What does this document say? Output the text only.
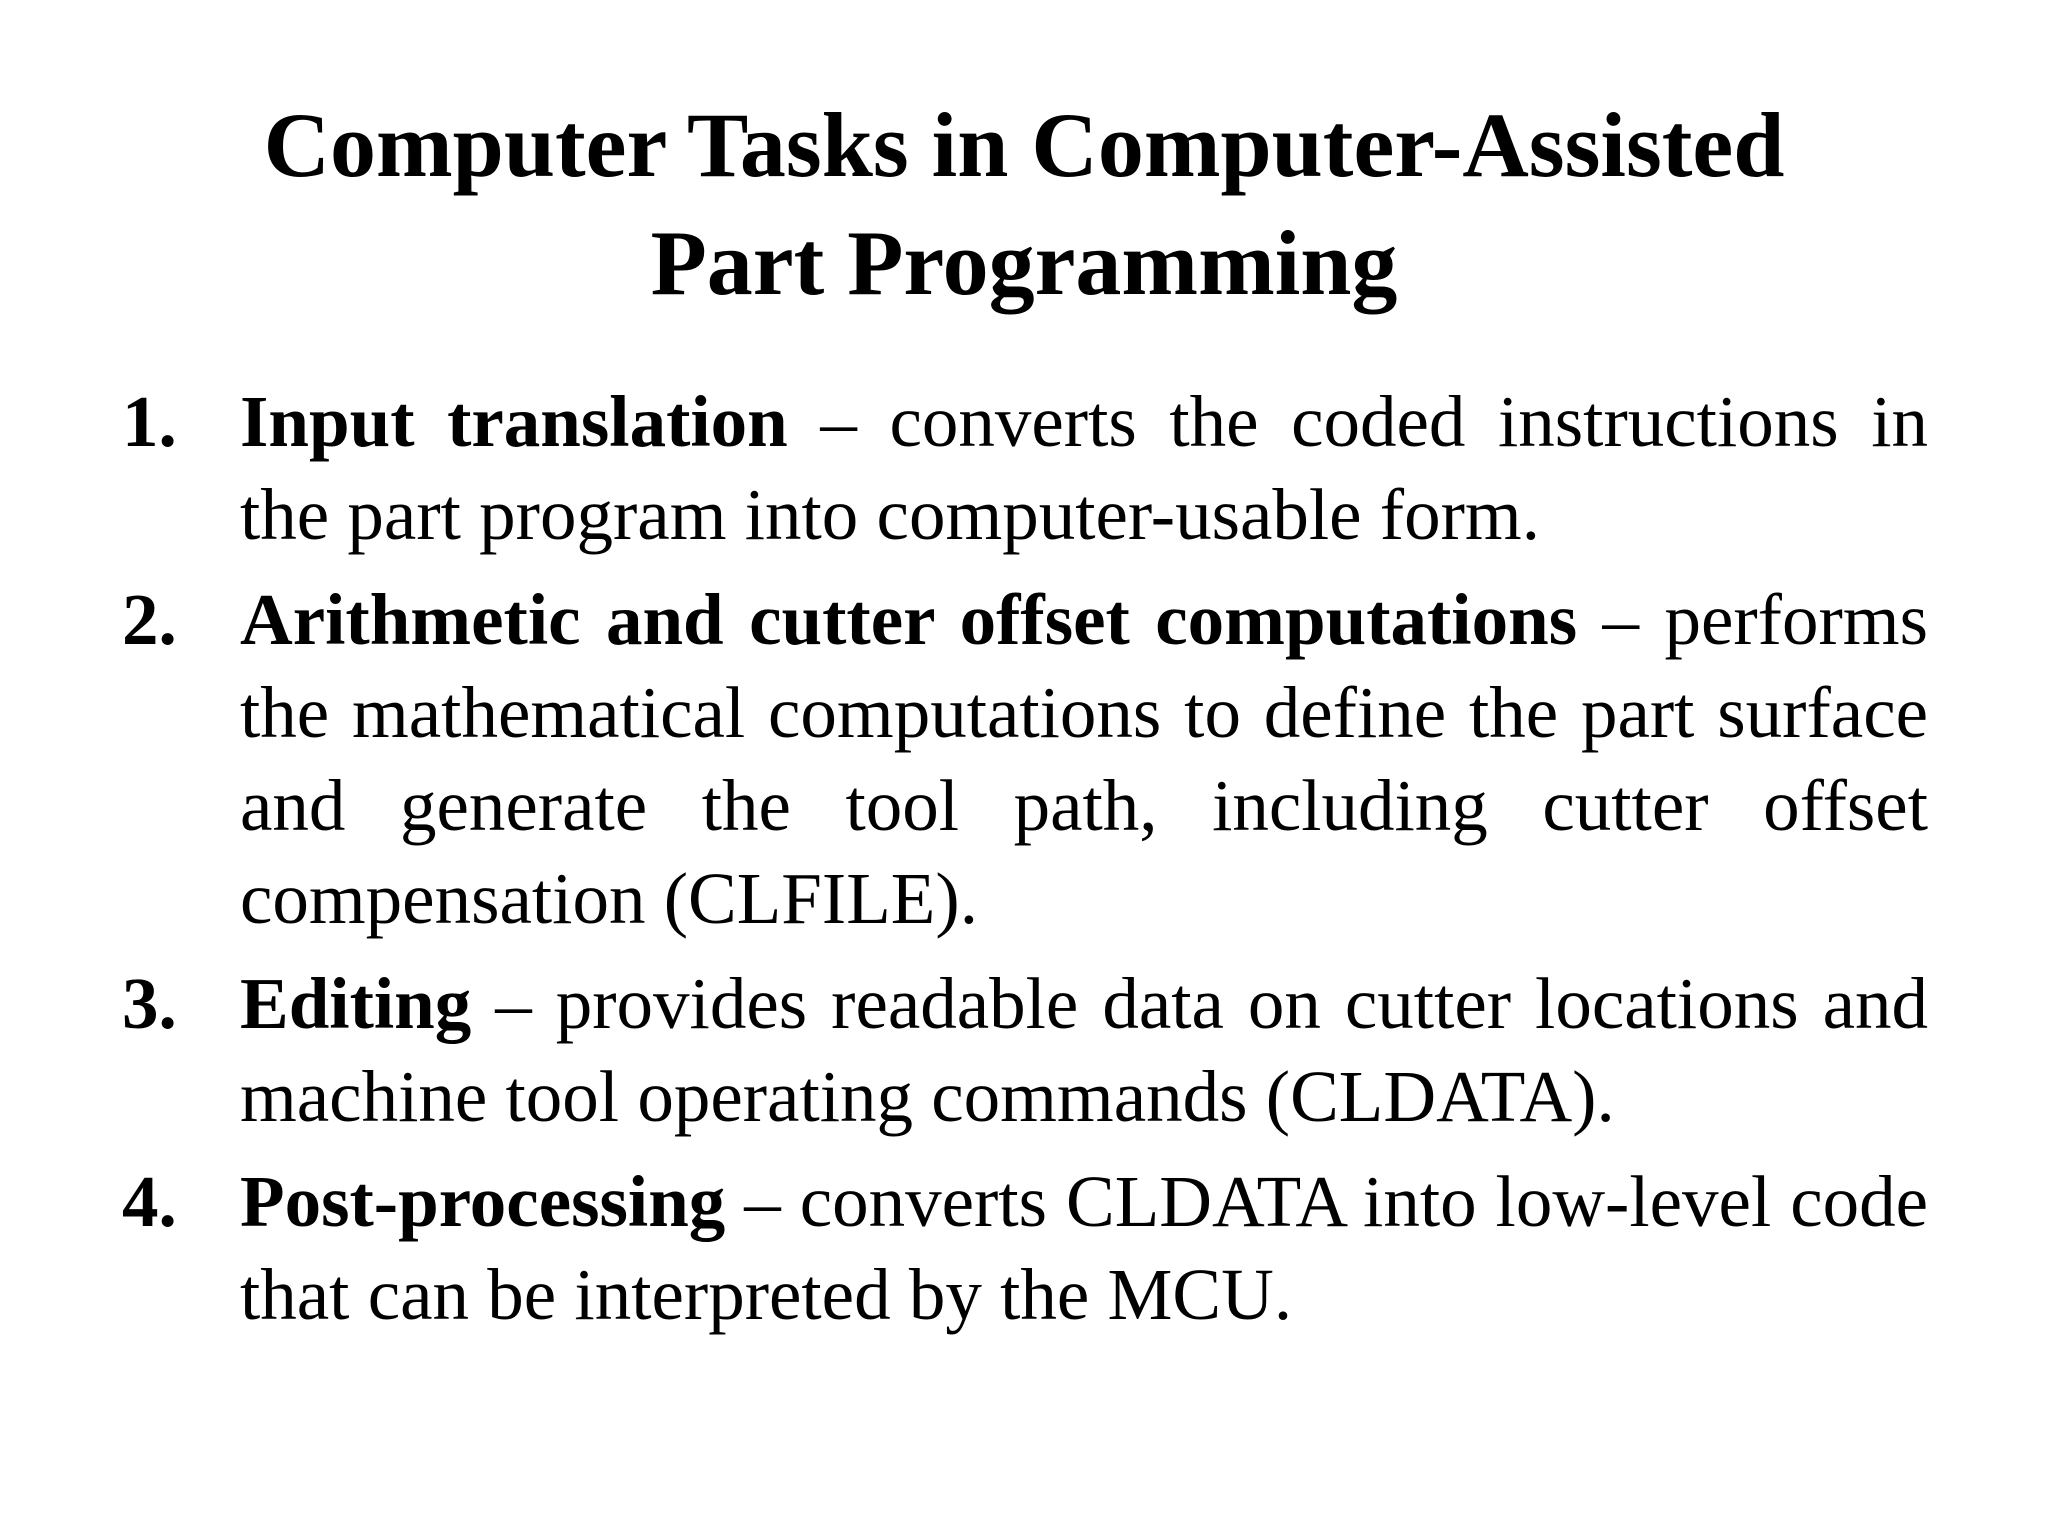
Computer Tasks in Computer-Assisted
Part Programming
1. Input translation – converts the coded instructions in the part program into computer-usable form.
2. Arithmetic and cutter offset computations – performs the mathematical computations to define the part surface and generate the tool path, including cutter offset compensation (CLFILE).
3. Editing – provides readable data on cutter locations and machine tool operating commands (CLDATA).
4. Post-processing – converts CLDATA into low-level code that can be interpreted by the MCU.
